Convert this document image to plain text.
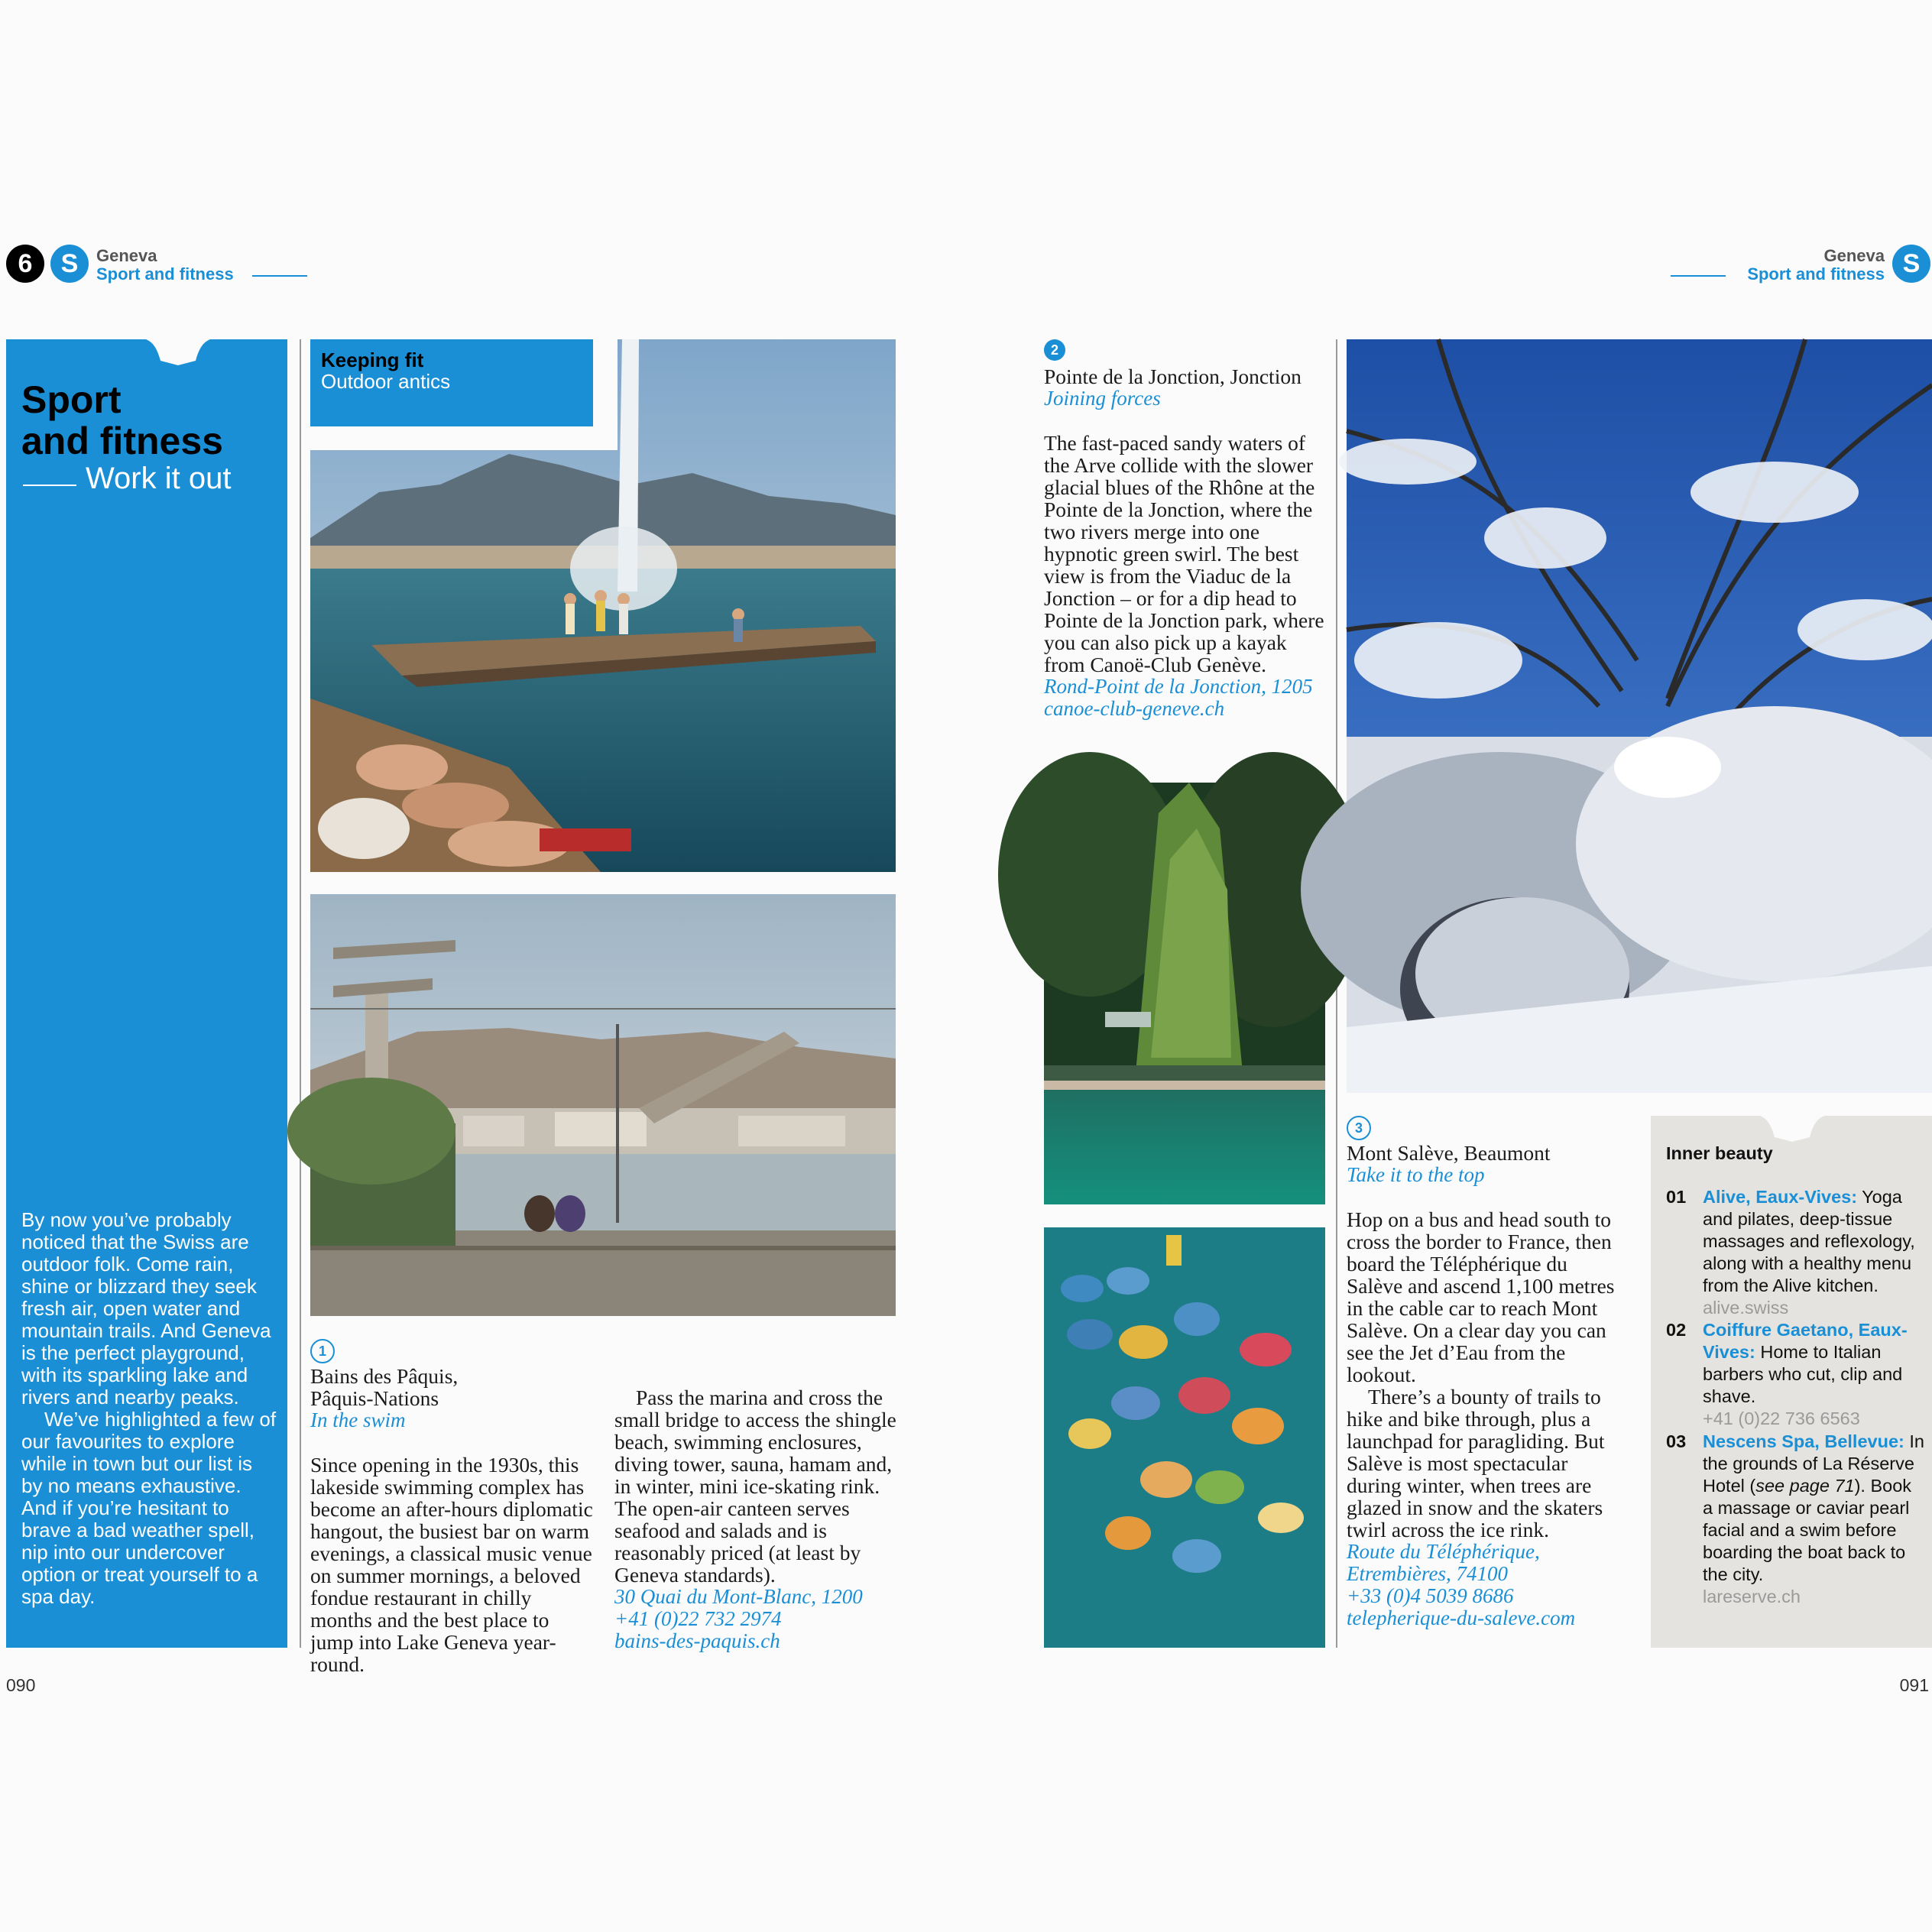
6 S Geneva
Sport and fitness
Geneva
Sport and fitness S
Sport
and fitness
Work it out

By now you’ve probably noticed that the Swiss are outdoor folk. Come rain, shine or blizzard they seek fresh air, open water and mountain trails. And Geneva is the perfect playground, with its sparkling lake and rivers and nearby peaks.

We’ve highlighted a few of our favourites to explore while in town but our list is by no means exhaustive. And if you’re hesitant to brave a bad weather spell, nip into our undercover option or treat yourself to a spa day.

Keeping fit
Outdoor antics
1
Bains des Pâquis, Pâquis-Nations
In the swim
Since opening in the 1930s, this lakeside swimming complex has become an after-hours diplomatic hangout, the busiest bar on warm evenings, a classical music venue on summer mornings, a beloved fondue restaurant in chilly months and the best place to jump into Lake Geneva year-round.

Pass the marina and cross the small bridge to access the shingle beach, swimming enclosures, diving tower, sauna, hamam and, in winter, mini ice-skating rink. The open-air canteen serves seafood and salads and is reasonably priced (at least by Geneva standards).

30 Quai du Mont-Blanc, 1200

+41 (0)22 732 2974

bains-des-paquis.ch

2
Pointe de la Jonction, Jonction
Joining forces

The fast-paced sandy waters of the Arve collide with the slower glacial blues of the Rhône at the Pointe de la Jonction, where the two rivers merge into one hypnotic green swirl. The best view is from the Viaduc de la Jonction – or for a dip head to Pointe de la Jonction park, where you can also pick up a kayak from Canoë-Club Genève.

Rond-Point de la Jonction, 1205

canoe-club-geneve.ch

3
Mont Salève, Beaumont
Take it to the top

Hop on a bus and head south to cross the border to France, then board the Téléphérique du Salève and ascend 1,100 metres in the cable car to reach Mont Salève. On a clear day you can see the Jet d’Eau from the lookout.

There’s a bounty of trails to hike and bike through, plus a launchpad for paragliding. But Salève is most spectacular during winter, when trees are glazed in snow and the skaters twirl across the ice rink.

Route du Téléphérique,

Etrembières, 74100

+33 (0)4 5039 8686

telepherique-du-saleve.com

Inner beauty
01 Alive, Eaux-Vives: Yoga and pilates, deep-tissue massages and reflexology, along with a healthy menu from the Alive kitchen.
alive.swiss
02 Coiffure Gaetano, Eaux-Vives: Home to Italian barbers who cut, clip and shave.
+41 (0)22 736 6563
03 Nescens Spa, Bellevue: In the grounds of La Réserve Hotel (see page 71). Book a massage or caviar pearl facial and a swim before boarding the boat back to the city.
lareserve.ch
090	091
